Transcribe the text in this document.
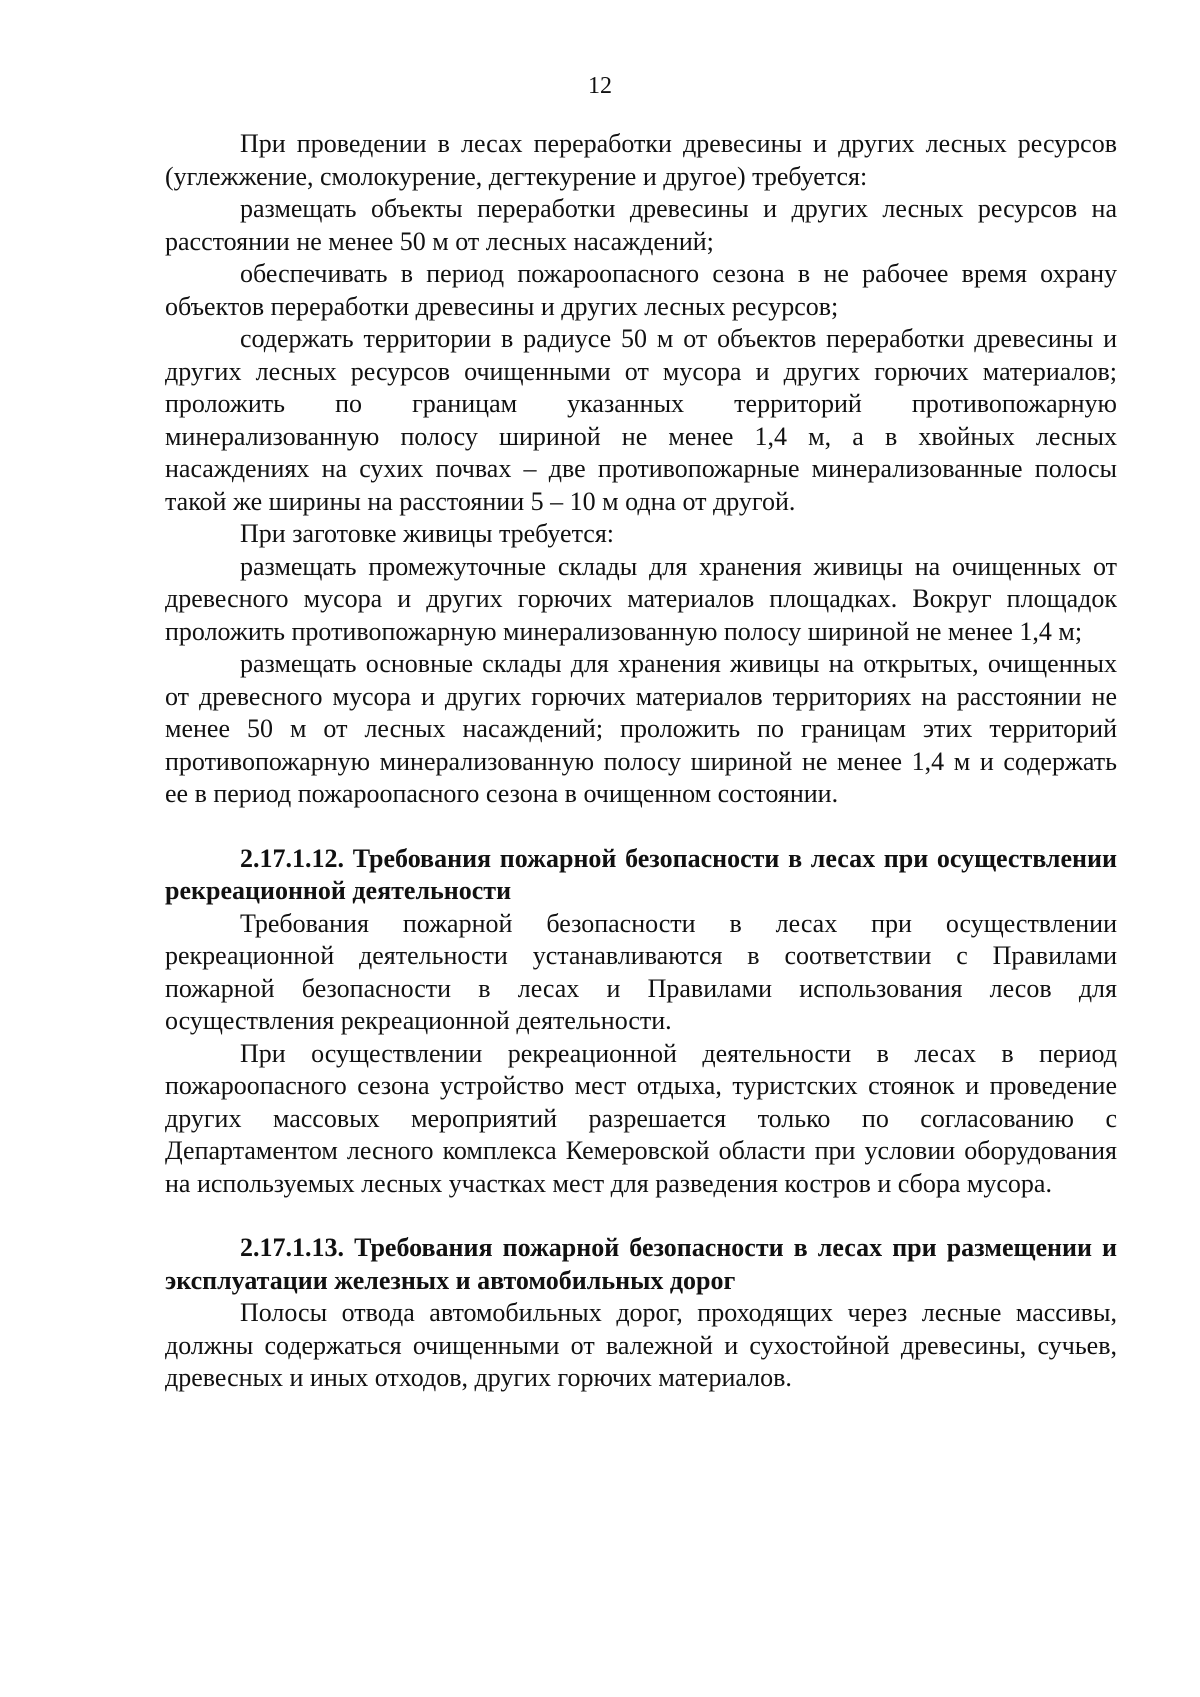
12

При проведении в лесах переработки древесины и других лесных ресурсов (углежжение, смолокурение, дегтекурение и другое) требуется:

размещать объекты переработки древесины и других лесных ресурсов на расстоянии не менее 50 м от лесных насаждений;

обеспечивать в период пожароопасного сезона в не рабочее время охрану объектов переработки древесины и других лесных ресурсов;

содержать территории в радиусе 50 м от объектов переработки древесины и других лесных ресурсов очищенными от мусора и других горючих материалов; проложить по границам указанных территорий противопожарную минерализованную полосу шириной не менее 1,4 м, а в хвойных лесных насаждениях на сухих почвах – две противопожарные минерализованные полосы такой же ширины на расстоянии 5 – 10 м одна от другой.

При заготовке живицы требуется:

размещать промежуточные склады для хранения живицы на очищенных от древесного мусора и других горючих материалов площадках. Вокруг площадок проложить противопожарную минерализованную полосу шириной не менее 1,4 м;

размещать основные склады для хранения живицы на открытых, очищенных от древесного мусора и других горючих материалов территориях на расстоянии не менее 50 м от лесных насаждений; проложить по границам этих территорий противопожарную минерализованную полосу шириной не менее 1,4 м и содержать ее в период пожароопасного сезона в очищенном состоянии.

2.17.1.12. Требования пожарной безопасности в лесах при осуществлении рекреационной деятельности

Требования пожарной безопасности в лесах при осуществлении рекреационной деятельности устанавливаются в соответствии с Правилами пожарной безопасности в лесах и Правилами использования лесов для осуществления рекреационной деятельности.

При осуществлении рекреационной деятельности в лесах в период пожароопасного сезона устройство мест отдыха, туристских стоянок и проведение других массовых мероприятий разрешается только по согласованию с Департаментом лесного комплекса Кемеровской области при условии оборудования на используемых лесных участках мест для разведения костров и сбора мусора.

2.17.1.13. Требования пожарной безопасности в лесах при размещении и эксплуатации железных и автомобильных дорог

Полосы отвода автомобильных дорог, проходящих через лесные массивы, должны содержаться очищенными от валежной и сухостойной древесины, сучьев, древесных и иных отходов, других горючих материалов.
